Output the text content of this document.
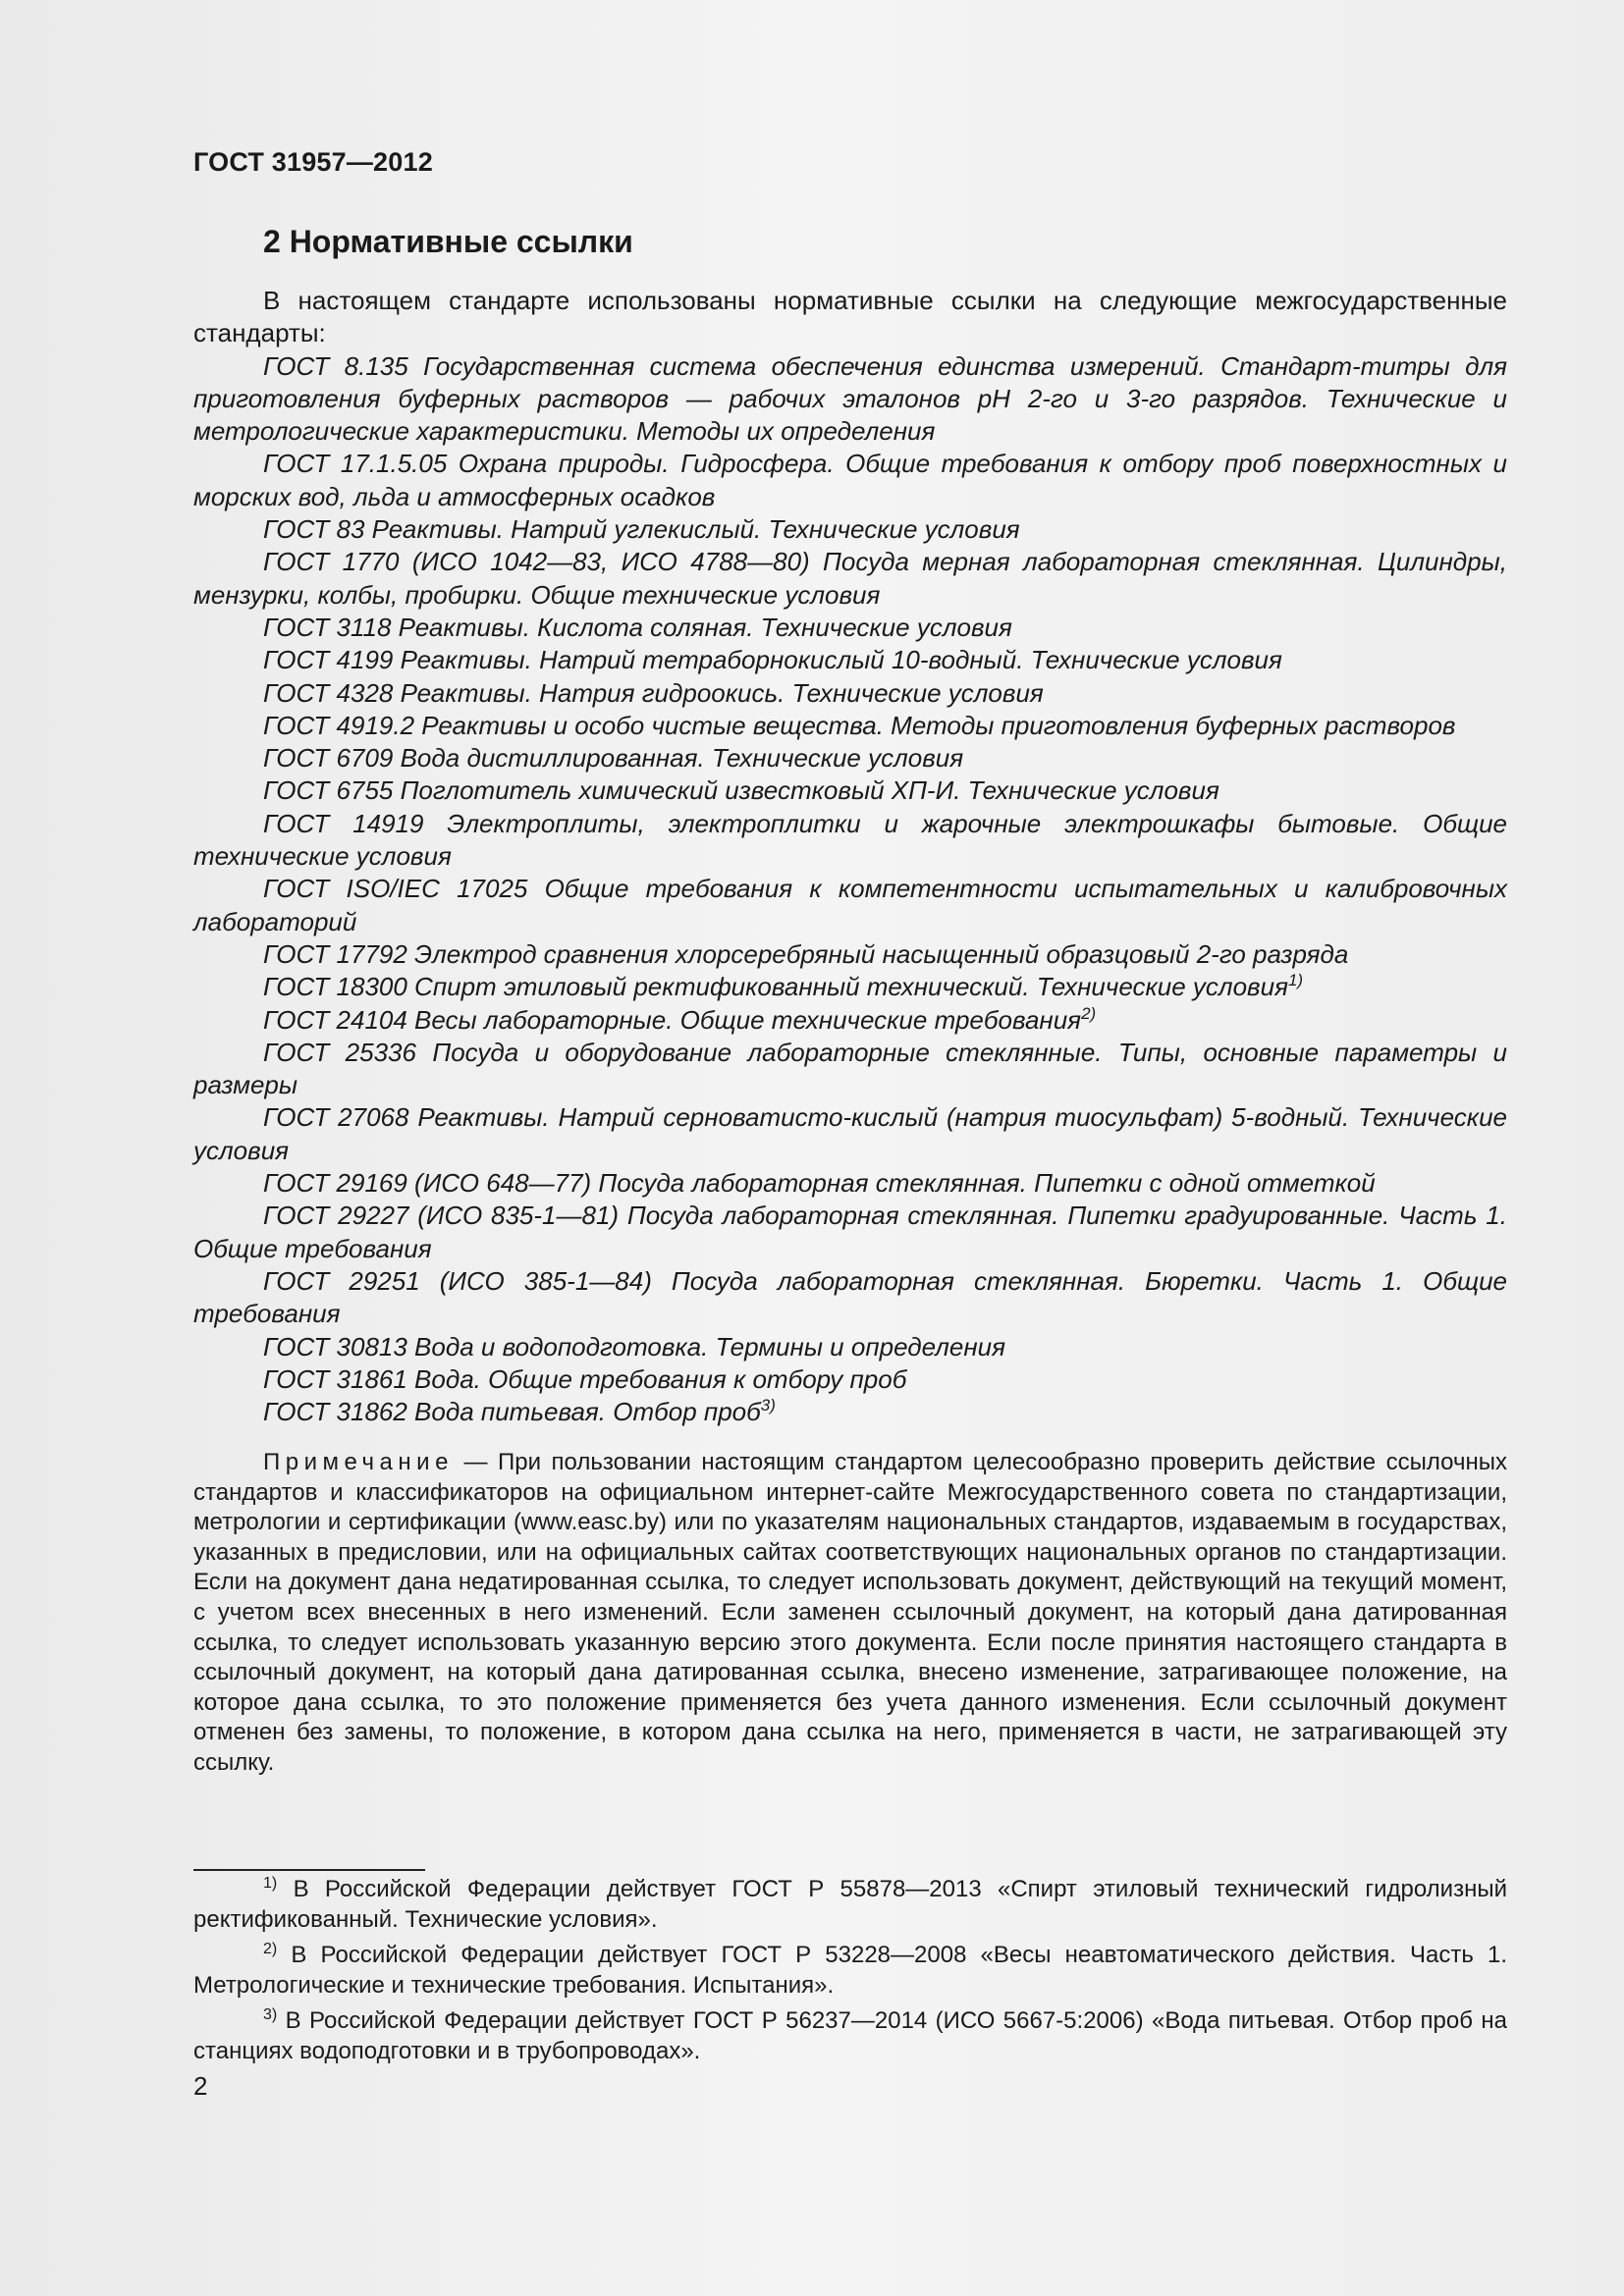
ГОСТ 31957—2012
2 Нормативные ссылки

В настоящем стандарте использованы нормативные ссылки на следующие межгосударственные стандарты:

ГОСТ 8.135 Государственная система обеспечения единства измерений. Стандарт-титры для приготовления буферных растворов — рабочих эталонов pH 2-го и 3-го разрядов. Технические и метрологические характеристики. Методы их определения

ГОСТ 17.1.5.05 Охрана природы. Гидросфера. Общие требования к отбору проб поверхностных и морских вод, льда и атмосферных осадков

ГОСТ 83 Реактивы. Натрий углекислый. Технические условия

ГОСТ 1770 (ИСО 1042—83, ИСО 4788—80) Посуда мерная лабораторная стеклянная. Цилиндры, мензурки, колбы, пробирки. Общие технические условия

ГОСТ 3118 Реактивы. Кислота соляная. Технические условия

ГОСТ 4199 Реактивы. Натрий тетраборнокислый 10-водный. Технические условия

ГОСТ 4328 Реактивы. Натрия гидроокись. Технические условия

ГОСТ 4919.2 Реактивы и особо чистые вещества. Методы приготовления буферных растворов

ГОСТ 6709 Вода дистиллированная. Технические условия

ГОСТ 6755 Поглотитель химический известковый ХП-И. Технические условия

ГОСТ 14919 Электроплиты, электроплитки и жарочные электрошкафы бытовые. Общие технические условия

ГОСТ ISO/IEC 17025 Общие требования к компетентности испытательных и калибровочных лабораторий

ГОСТ 17792 Электрод сравнения хлорсеребряный насыщенный образцовый 2-го разряда

ГОСТ 18300 Спирт этиловый ректификованный технический. Технические условия$^{1)}$

ГОСТ 24104 Весы лабораторные. Общие технические требования$^{2)}$

ГОСТ 25336 Посуда и оборудование лабораторные стеклянные. Типы, основные параметры и размеры

ГОСТ 27068 Реактивы. Натрий серноватисто-кислый (натрия тиосульфат) 5-водный. Технические условия

ГОСТ 29169 (ИСО 648—77) Посуда лабораторная стеклянная. Пипетки с одной отметкой

ГОСТ 29227 (ИСО 835-1—81) Посуда лабораторная стеклянная. Пипетки градуированные. Часть 1. Общие требования

ГОСТ 29251 (ИСО 385-1—84) Посуда лабораторная стеклянная. Бюретки. Часть 1. Общие требования

ГОСТ 30813 Вода и водоподготовка. Термины и определения

ГОСТ 31861 Вода. Общие требования к отбору проб

ГОСТ 31862 Вода питьевая. Отбор проб$^{3)}$

Примечание — При пользовании настоящим стандартом целесообразно проверить действие ссылочных стандартов и классификаторов на официальном интернет-сайте Межгосударственного совета по стандартизации, метрологии и сертификации (www.easc.by) или по указателям национальных стандартов, издаваемым в государствах, указанных в предисловии, или на официальных сайтах соответствующих национальных органов по стандартизации. Если на документ дана недатированная ссылка, то следует использовать документ, действующий на текущий момент, с учетом всех внесенных в него изменений. Если заменен ссылочный документ, на который дана датированная ссылка, то следует использовать указанную версию этого документа. Если после принятия настоящего стандарта в ссылочный документ, на который дана датированная ссылка, внесено изменение, затрагивающее положение, на которое дана ссылка, то это положение применяется без учета данного изменения. Если ссылочный документ отменен без замены, то положение, в котором дана ссылка на него, применяется в части, не затрагивающей эту ссылку.

$^{1)}$ В Российской Федерации действует ГОСТ Р 55878—2013 «Спирт этиловый технический гидролизный ректификованный. Технические условия».

$^{2)}$ В Российской Федерации действует ГОСТ Р 53228—2008 «Весы неавтоматического действия. Часть 1. Метрологические и технические требования. Испытания».

$^{3)}$ В Российской Федерации действует ГОСТ Р 56237—2014 (ИСО 5667-5:2006) «Вода питьевая. Отбор проб на станциях водоподготовки и в трубопроводах».

2
